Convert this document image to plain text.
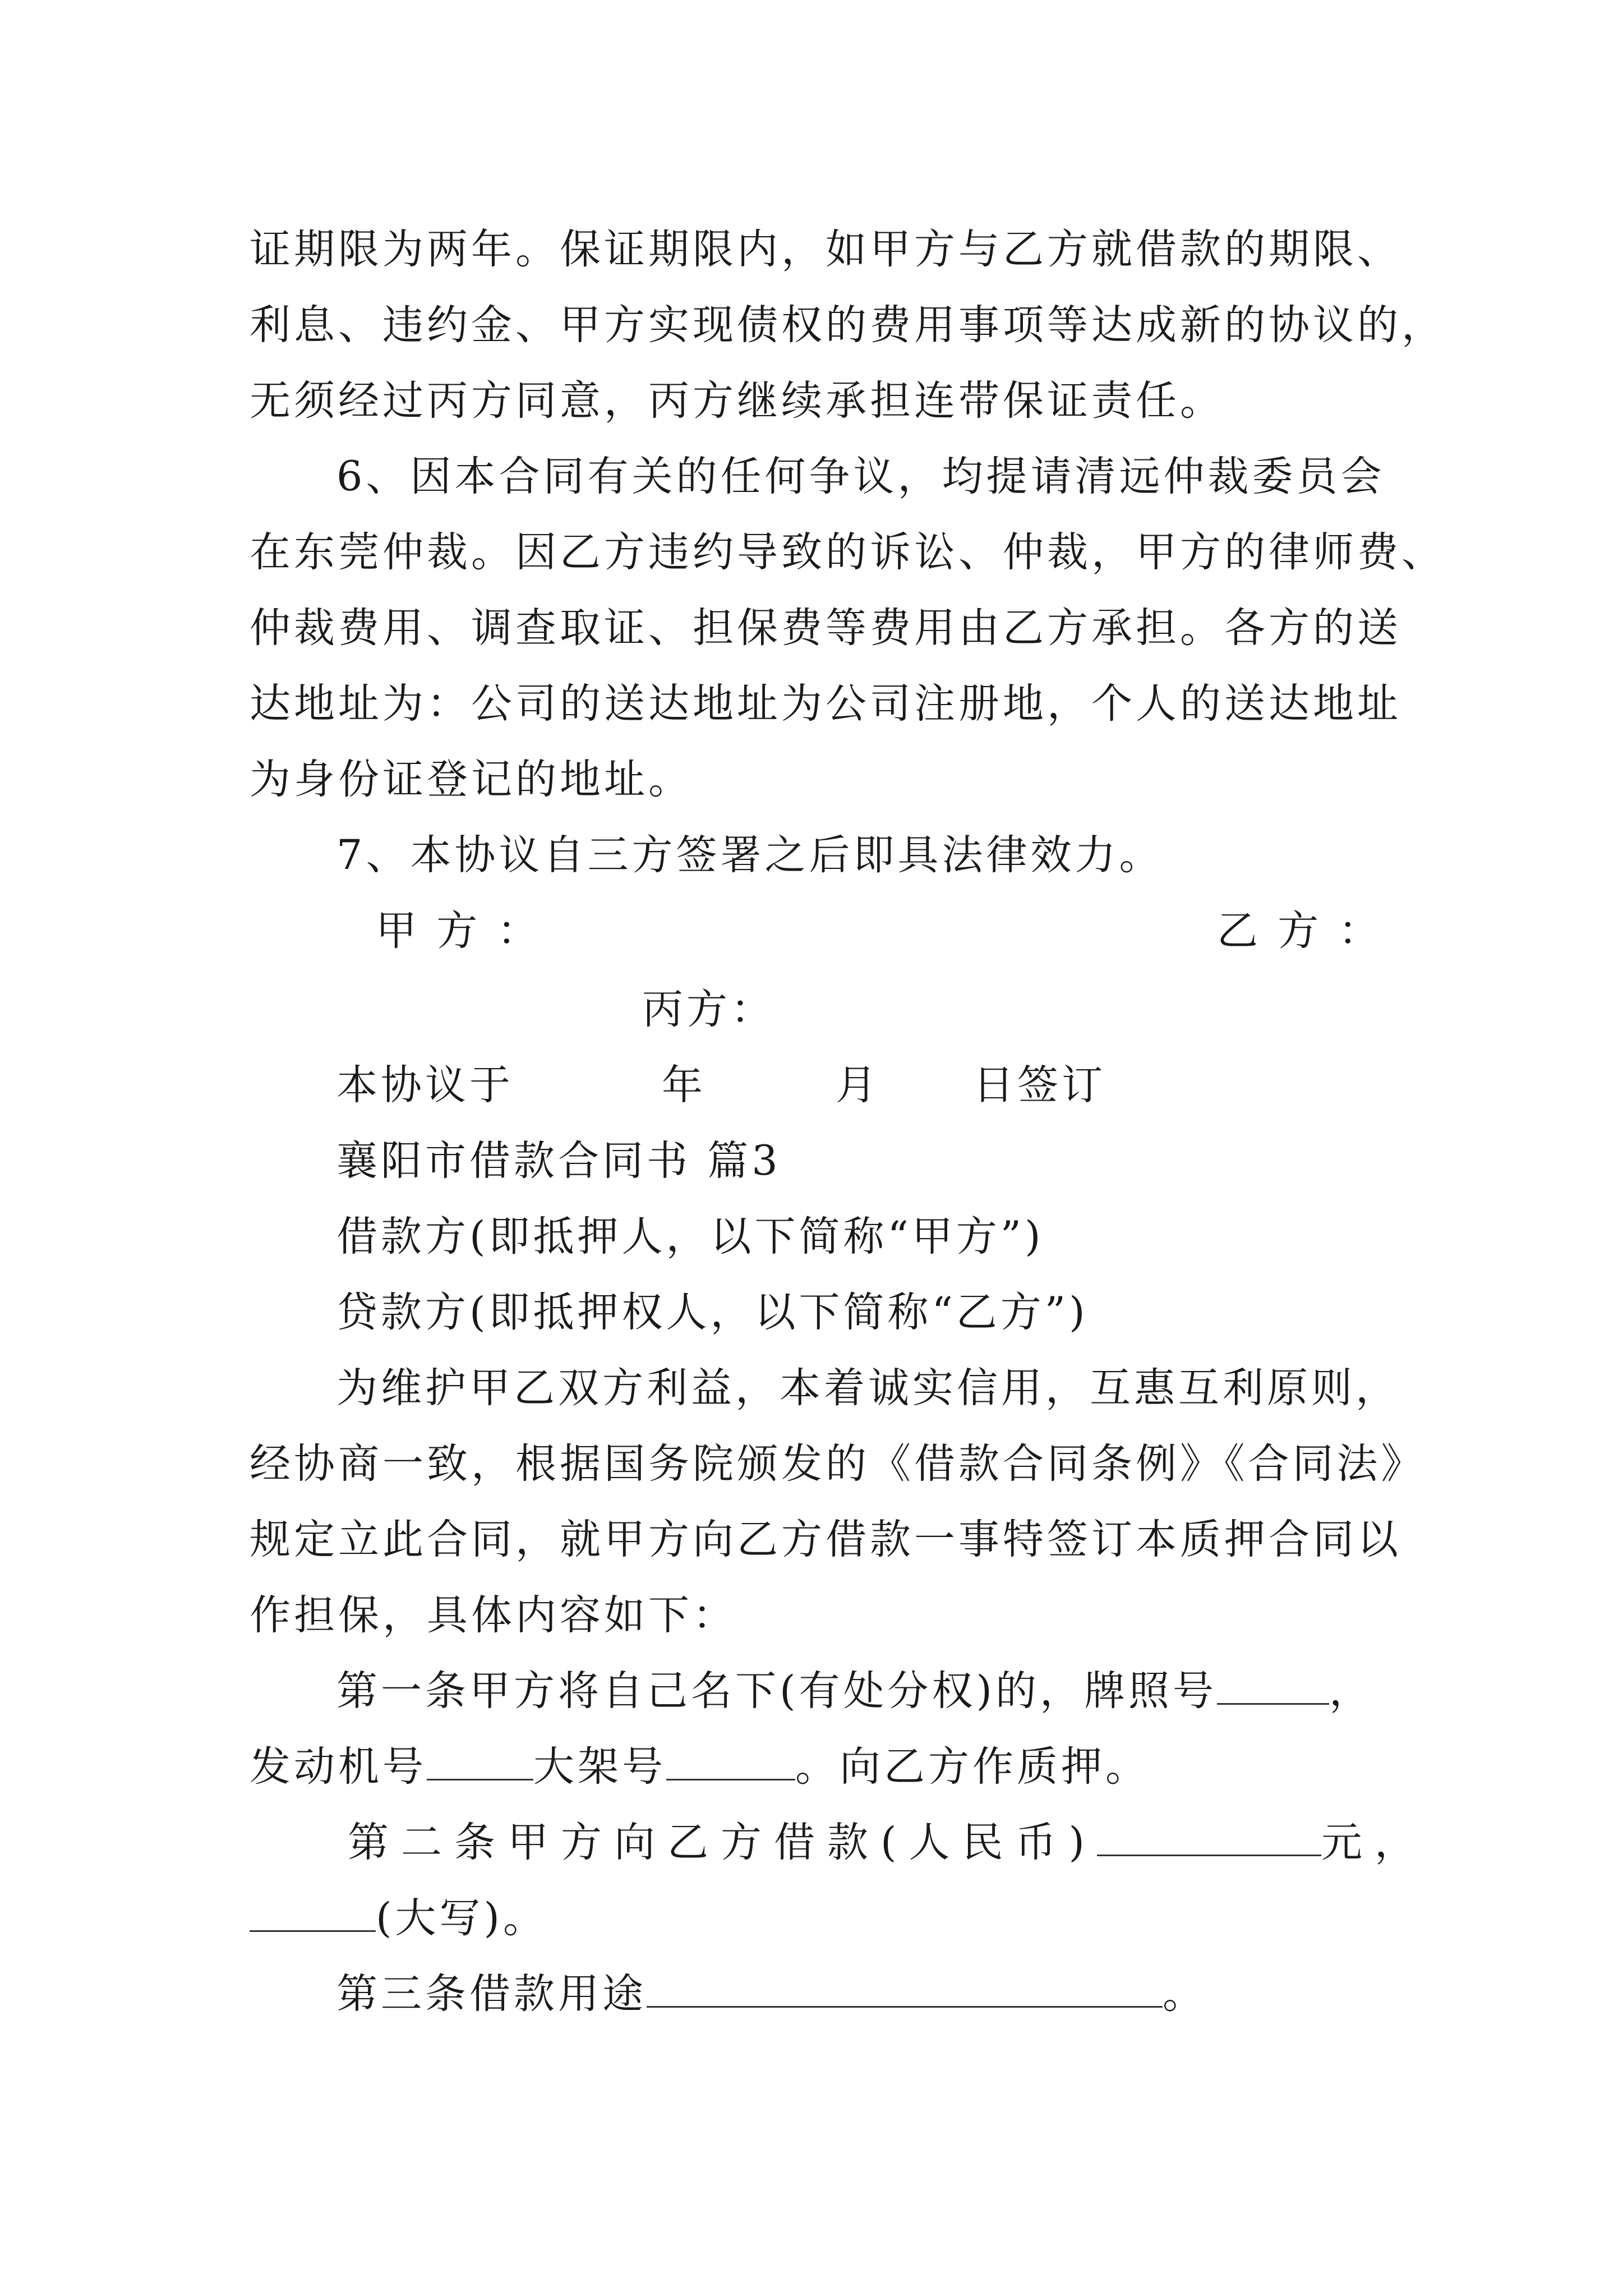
证期限为两年。保证期限内，如甲方与乙方就借款的期限、
利息、违约金、甲方实现债权的费用事项等达成新的协议的，
无须经过丙方同意，丙方继续承担连带保证责任。
6、因本合同有关的任何争议，均提请清远仲裁委员会
在东莞仲裁。因乙方违约导致的诉讼、仲裁，甲方的律师费、
仲裁费用、调查取证、担保费等费用由乙方承担。各方的送
达地址为：公司的送达地址为公司注册地，个人的送达地址
为身份证登记的地址。
7、本协议自三方签署之后即具法律效力。
甲 方 ：	乙 方 ：
丙方：
本协议于	年	月 日签订
襄阳市借款合同书 篇3
借款方(即抵押人，以下简称“甲方”)
贷款方(即抵押权人，以下简称“乙方”)
为维护甲乙双方利益，本着诚实信用，互惠互利原则，
经协商一致，根据国务院颁发的《借款合同条例》《合同法》
规定立此合同，就甲方向乙方借款一事特签订本质押合同以
作担保，具体内容如下：
第一条甲方将自己名下(有处分权)的，牌照号	，
发动机号	大架号	。向乙方作质押。
第二条甲方向乙方借款(人民币)	元，
(大写)。
第三条借款用途	。
